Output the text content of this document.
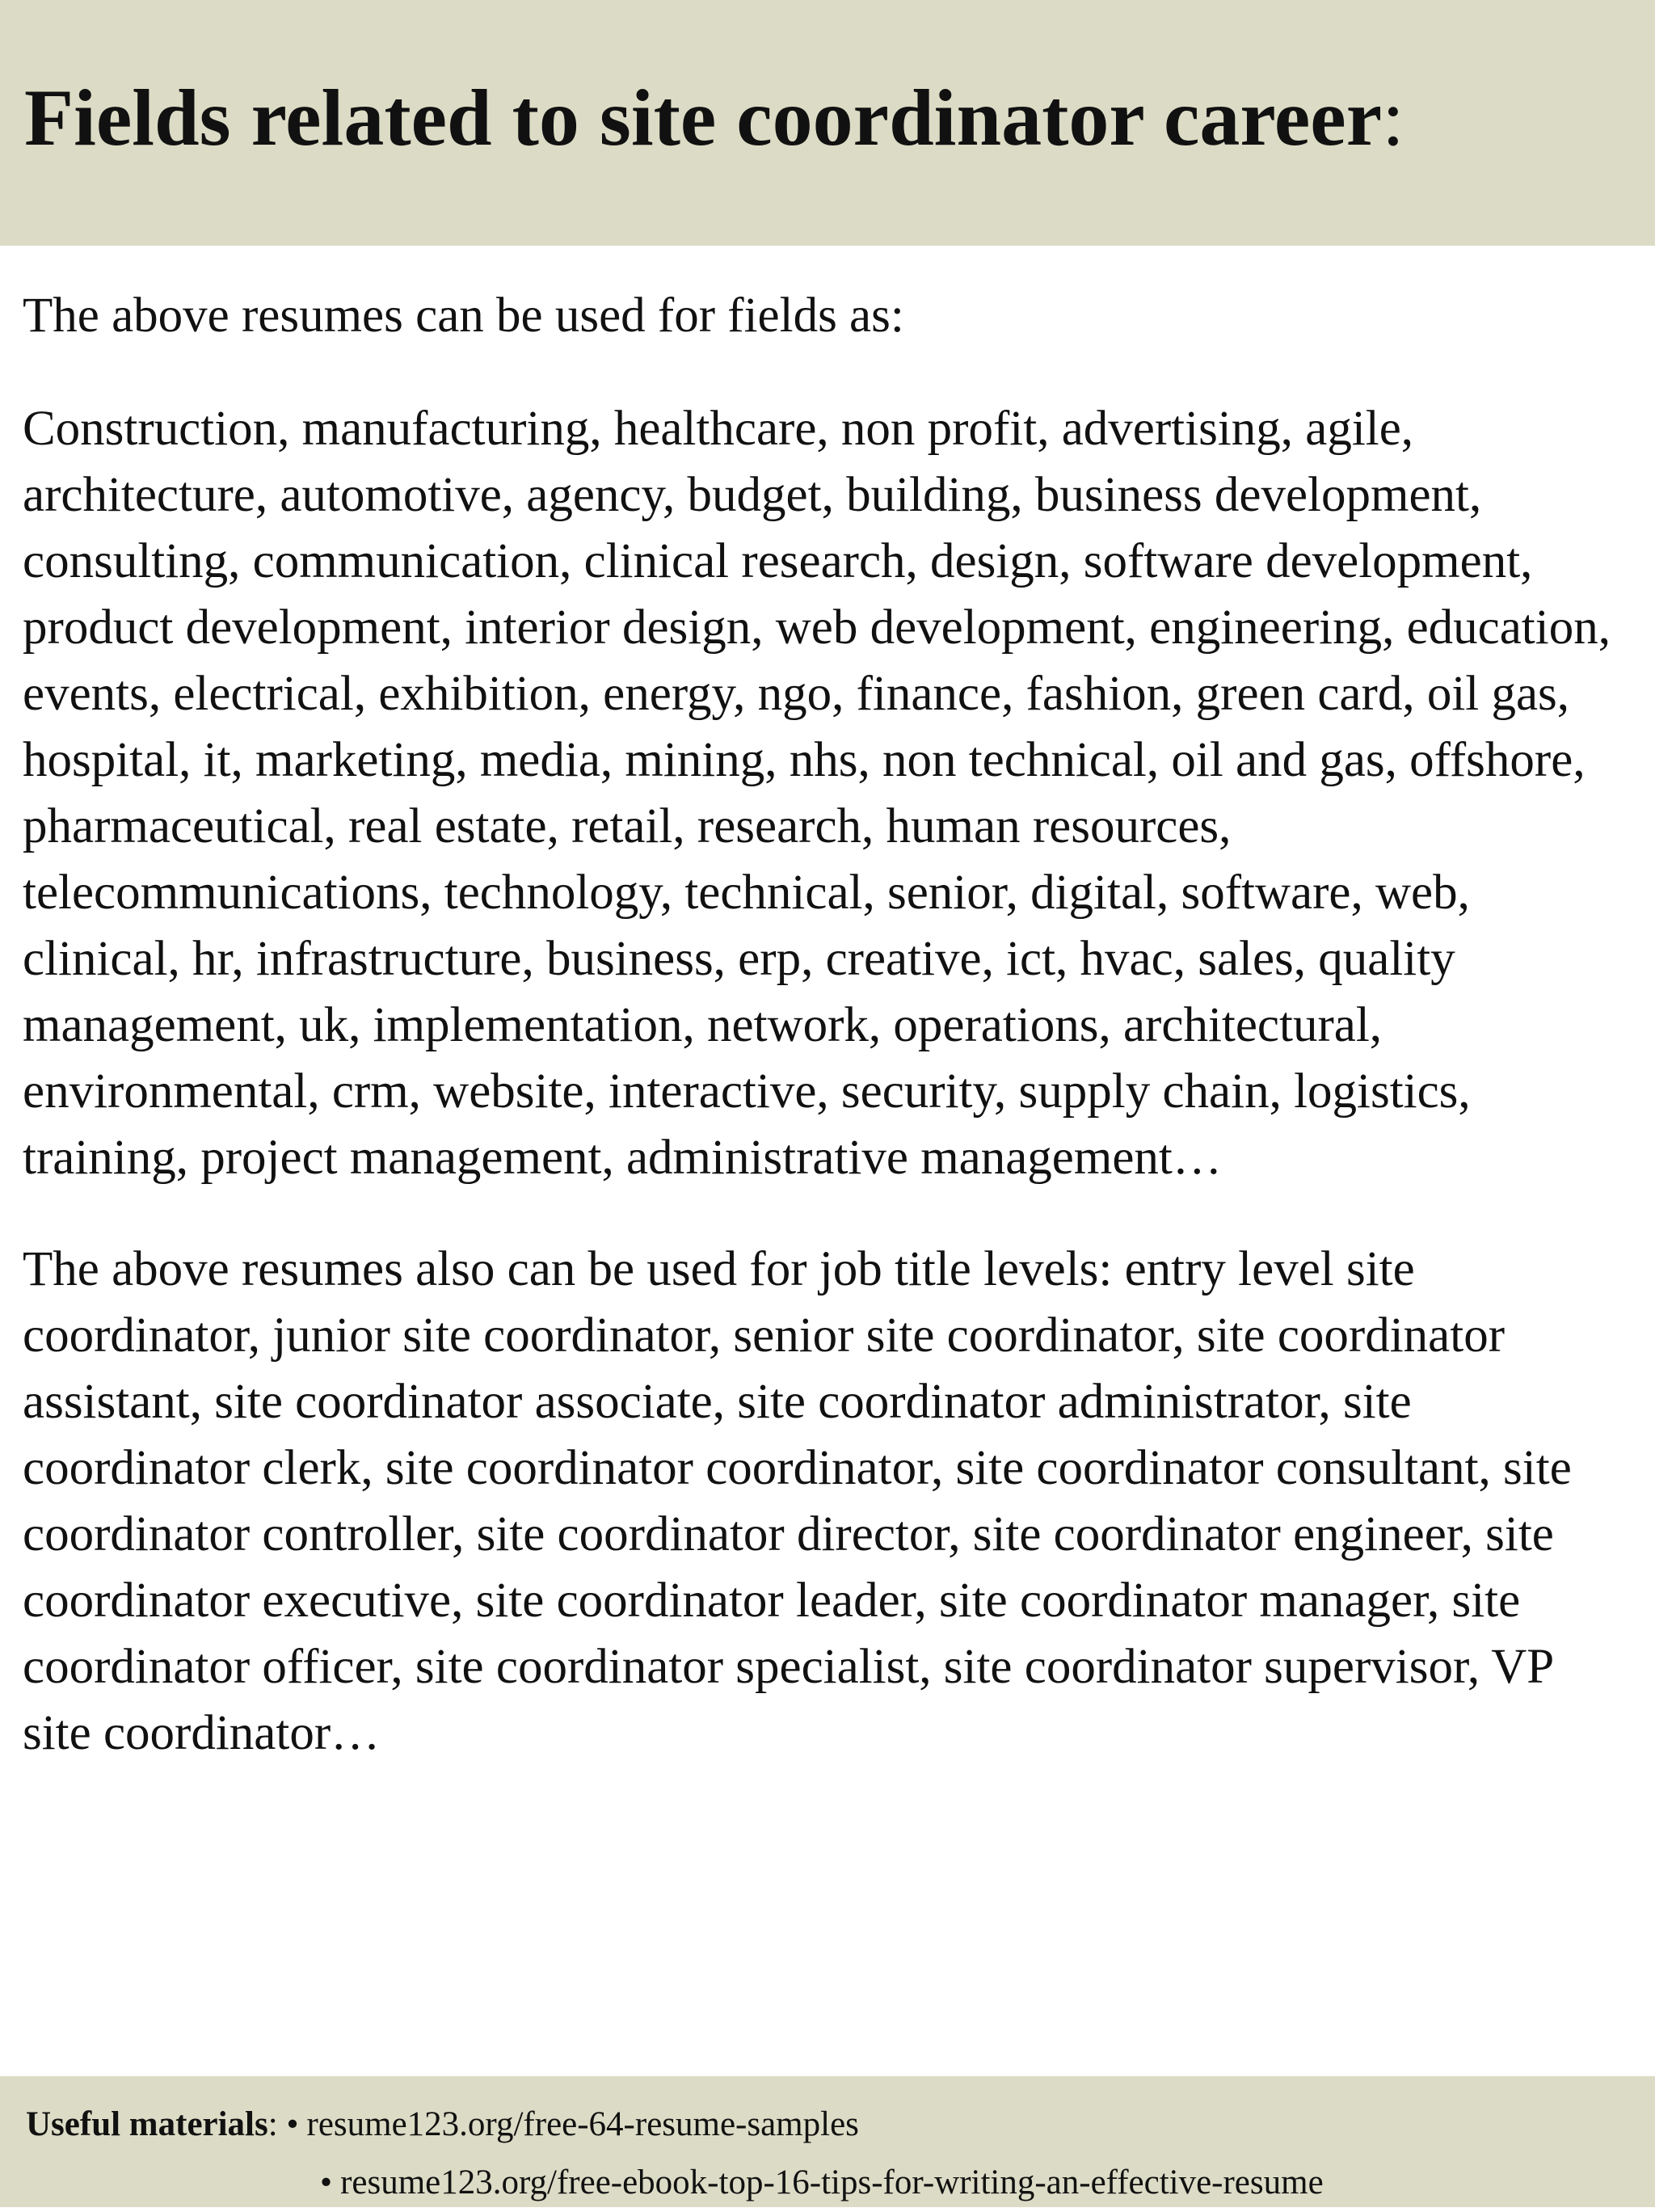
Fields related to site coordinator career:

The above resumes can be used for fields as:

Construction, manufacturing, healthcare, non profit, advertising, agile, architecture, automotive, agency, budget, building, business development, consulting, communication, clinical research, design, software development, product development, interior design, web development, engineering, education, events, electrical, exhibition, energy, ngo, finance, fashion, green card, oil gas, hospital, it, marketing, media, mining, nhs, non technical, oil and gas, offshore, pharmaceutical, real estate, retail, research, human resources, telecommunications, technology, technical, senior, digital, software, web, clinical, hr, infrastructure, business, erp, creative, ict, hvac, sales, quality management, uk, implementation, network, operations, architectural, environmental, crm, website, interactive, security, supply chain, logistics, training, project management, administrative management…

The above resumes also can be used for job title levels: entry level site coordinator, junior site coordinator, senior site coordinator, site coordinator assistant, site coordinator associate, site coordinator administrator, site coordinator clerk, site coordinator coordinator, site coordinator consultant, site coordinator controller, site coordinator director, site coordinator engineer, site coordinator executive, site coordinator leader, site coordinator manager, site coordinator officer, site coordinator specialist, site coordinator supervisor, VP site coordinator…

Useful materials : • resume123.org/free-64-resume-samples
• resume123.org/free-ebook-top-16-tips-for-writing-an-effective-resume
